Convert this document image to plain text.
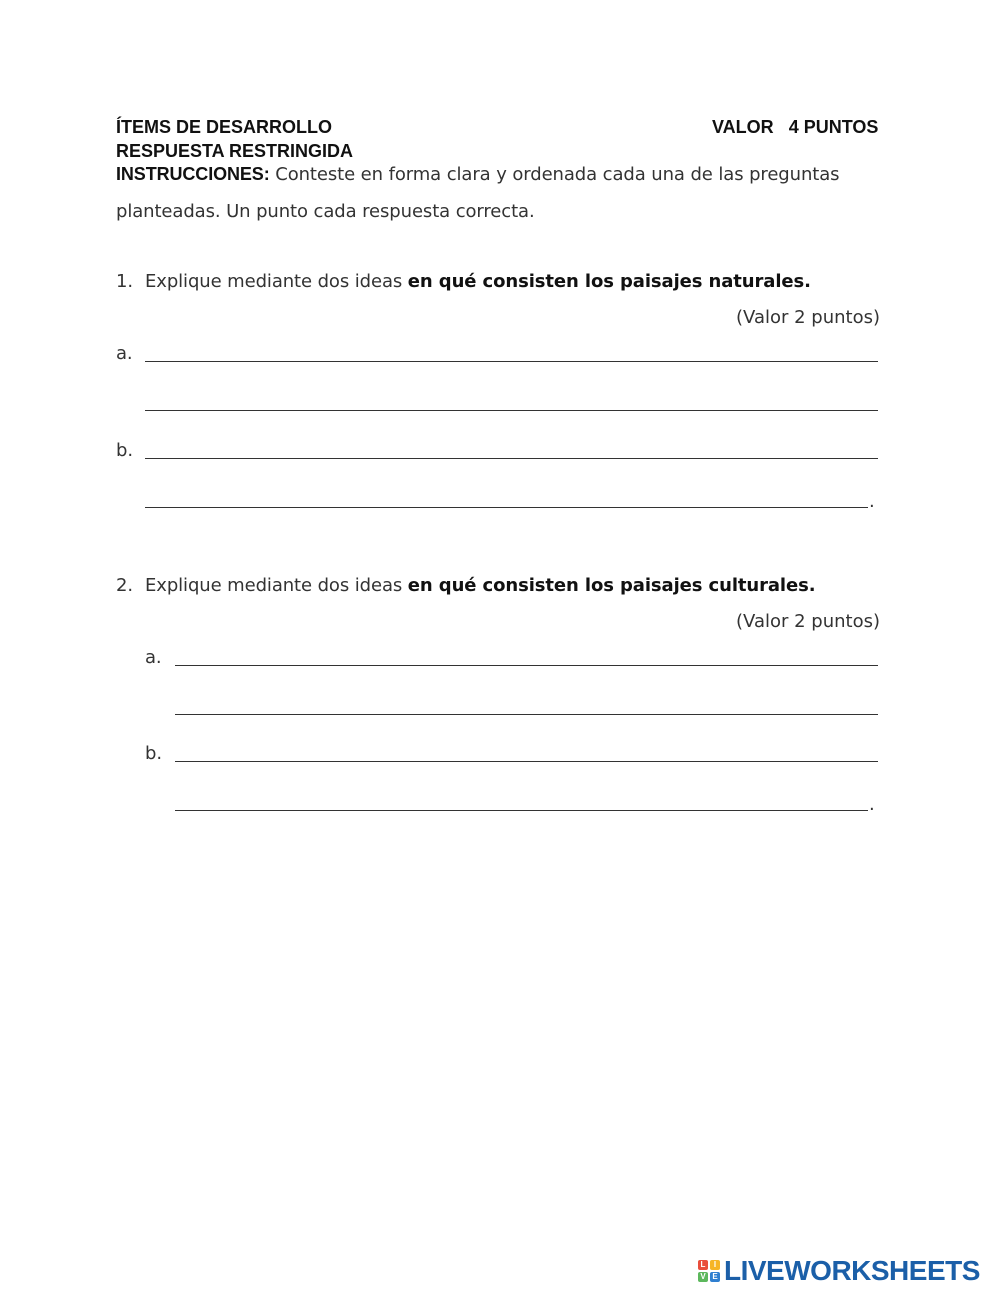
ÍTEMS DE DESARROLLO	VALOR 4 PUNTOS
RESPUESTA RESTRINGIDA
INSTRUCCIONES: Conteste en forma clara y ordenada cada una de las preguntas
planteadas. Un punto cada respuesta correcta.
1. Explique mediante dos ideas en qué consisten los paisajes naturales.
(Valor 2 puntos)
a.
b.
.
2. Explique mediante dos ideas en qué consisten los paisajes culturales.
(Valor 2 puntos)
a.
b.
.
L	I
V E LIVEWORKSHEETS
